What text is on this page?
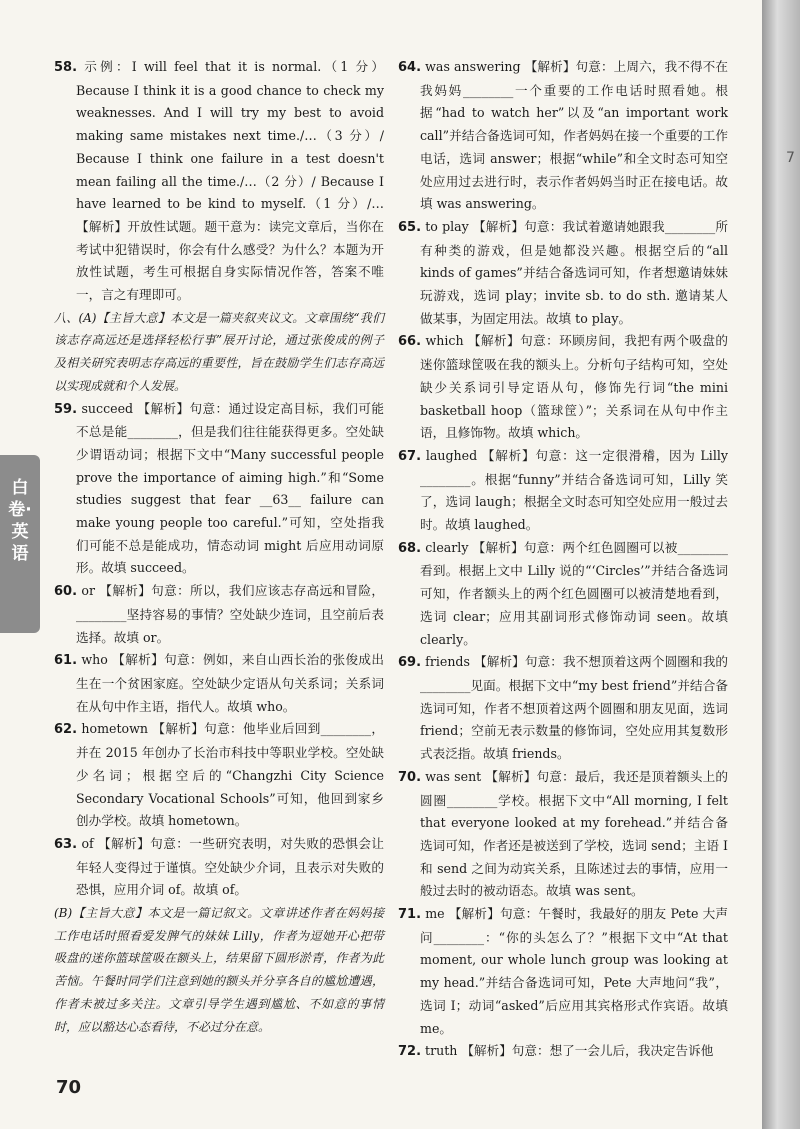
白卷·英语

58. 示例：I will feel that it is normal.（1 分）Because I think it is a good chance to check my weaknesses. And I will try my best to avoid making same mistakes next time./…（3 分）/ Because I think one failure in a test doesn't mean failing all the time./…（2 分）/ Because I have learned to be kind to myself.（1 分）/… 【解析】开放性试题。题干意为：读完文章后，当你在考试中犯错误时，你会有什么感受？为什么？本题为开放性试题，考生可根据自身实际情况作答，答案不唯一，言之有理即可。

八、(A)【主旨大意】本文是一篇夹叙夹议文。文章围绕“我们该志存高远还是选择轻松行事”展开讨论，通过张俊成的例子及相关研究表明志存高远的重要性，旨在鼓励学生们志存高远以实现成就和个人发展。

59. succeed 【解析】句意：通过设定高目标，我们可能不总是能________，但是我们往往能获得更多。空处缺少谓语动词；根据下文中“Many successful people prove the importance of aiming high.”和“Some studies suggest that fear __63__ failure can make young people too careful.”可知，空处指我们可能不总是能成功，情态动词 might 后应用动词原形。故填 succeed。

60. or 【解析】句意：所以，我们应该志存高远和冒险，________坚持容易的事情？空处缺少连词，且空前后表选择。故填 or。

61. who 【解析】句意：例如，来自山西长治的张俊成出生在一个贫困家庭。空处缺少定语从句关系词；关系词在从句中作主语，指代人。故填 who。

62. hometown 【解析】句意：他毕业后回到________，并在 2015 年创办了长治市科技中等职业学校。空处缺少名词；根据空后的“Changzhi City Science Secondary Vocational Schools”可知，他回到家乡创办学校。故填 hometown。

63. of 【解析】句意：一些研究表明，对失败的恐惧会让年轻人变得过于谨慎。空处缺少介词，且表示对失败的恐惧，应用介词 of。故填 of。

(B)【主旨大意】本文是一篇记叙文。文章讲述作者在妈妈接工作电话时照看爱发脾气的妹妹 Lilly，作者为逗她开心把带吸盘的迷你篮球筐吸在额头上，结果留下圆形淤青，作者为此苦恼。午餐时同学们注意到她的额头并分享各自的尴尬遭遇，作者未被过多关注。文章引导学生遇到尴尬、不如意的事情时，应以豁达心态看待，不必过分在意。

64. was answering 【解析】句意：上周六，我不得不在我妈妈________一个重要的工作电话时照看她。根据“had to watch her”以及“an important work call”并结合备选词可知，作者妈妈在接一个重要的工作电话，选词 answer；根据“while”和全文时态可知空处应用过去进行时，表示作者妈妈当时正在接电话。故填 was answering。

65. to play 【解析】句意：我试着邀请她跟我________所有种类的游戏，但是她都没兴趣。根据空后的“all kinds of games”并结合备选词可知，作者想邀请妹妹玩游戏，选词 play；invite sb. to do sth. 邀请某人做某事，为固定用法。故填 to play。

66. which 【解析】句意：环顾房间，我把有两个吸盘的迷你篮球筐吸在我的额头上。分析句子结构可知，空处缺少关系词引导定语从句，修饰先行词“the mini basketball hoop（篮球筐）”；关系词在从句中作主语，且修饰物。故填 which。

67. laughed 【解析】句意：这一定很滑稽，因为 Lilly ________。根据“funny”并结合备选词可知，Lilly 笑了，选词 laugh；根据全文时态可知空处应用一般过去时。故填 laughed。

68. clearly 【解析】句意：两个红色圆圈可以被________看到。根据上文中 Lilly 说的“‘Circles’”并结合备选词可知，作者额头上的两个红色圆圈可以被清楚地看到，选词 clear；应用其副词形式修饰动词 seen。故填 clearly。

69. friends 【解析】句意：我不想顶着这两个圆圈和我的________见面。根据下文中“my best friend”并结合备选词可知，作者不想顶着这两个圆圈和朋友见面，选词 friend；空前无表示数量的修饰词，空处应用其复数形式表泛指。故填 friends。

70. was sent 【解析】句意：最后，我还是顶着额头上的圆圈________学校。根据下文中“All morning, I felt that everyone looked at my forehead.”并结合备选词可知，作者还是被送到了学校，选词 send；主语 I 和 send 之间为动宾关系，且陈述过去的事情，应用一般过去时的被动语态。故填 was sent。

71. me 【解析】句意：午餐时，我最好的朋友 Pete 大声问________：“你的头怎么了？”根据下文中“At that moment, our whole lunch group was looking at my head.”并结合备选词可知，Pete 大声地问“我”，选词 I；动词“asked”后应用其宾格形式作宾语。故填 me。

72. truth 【解析】句意：想了一会儿后，我决定告诉他

70
7
